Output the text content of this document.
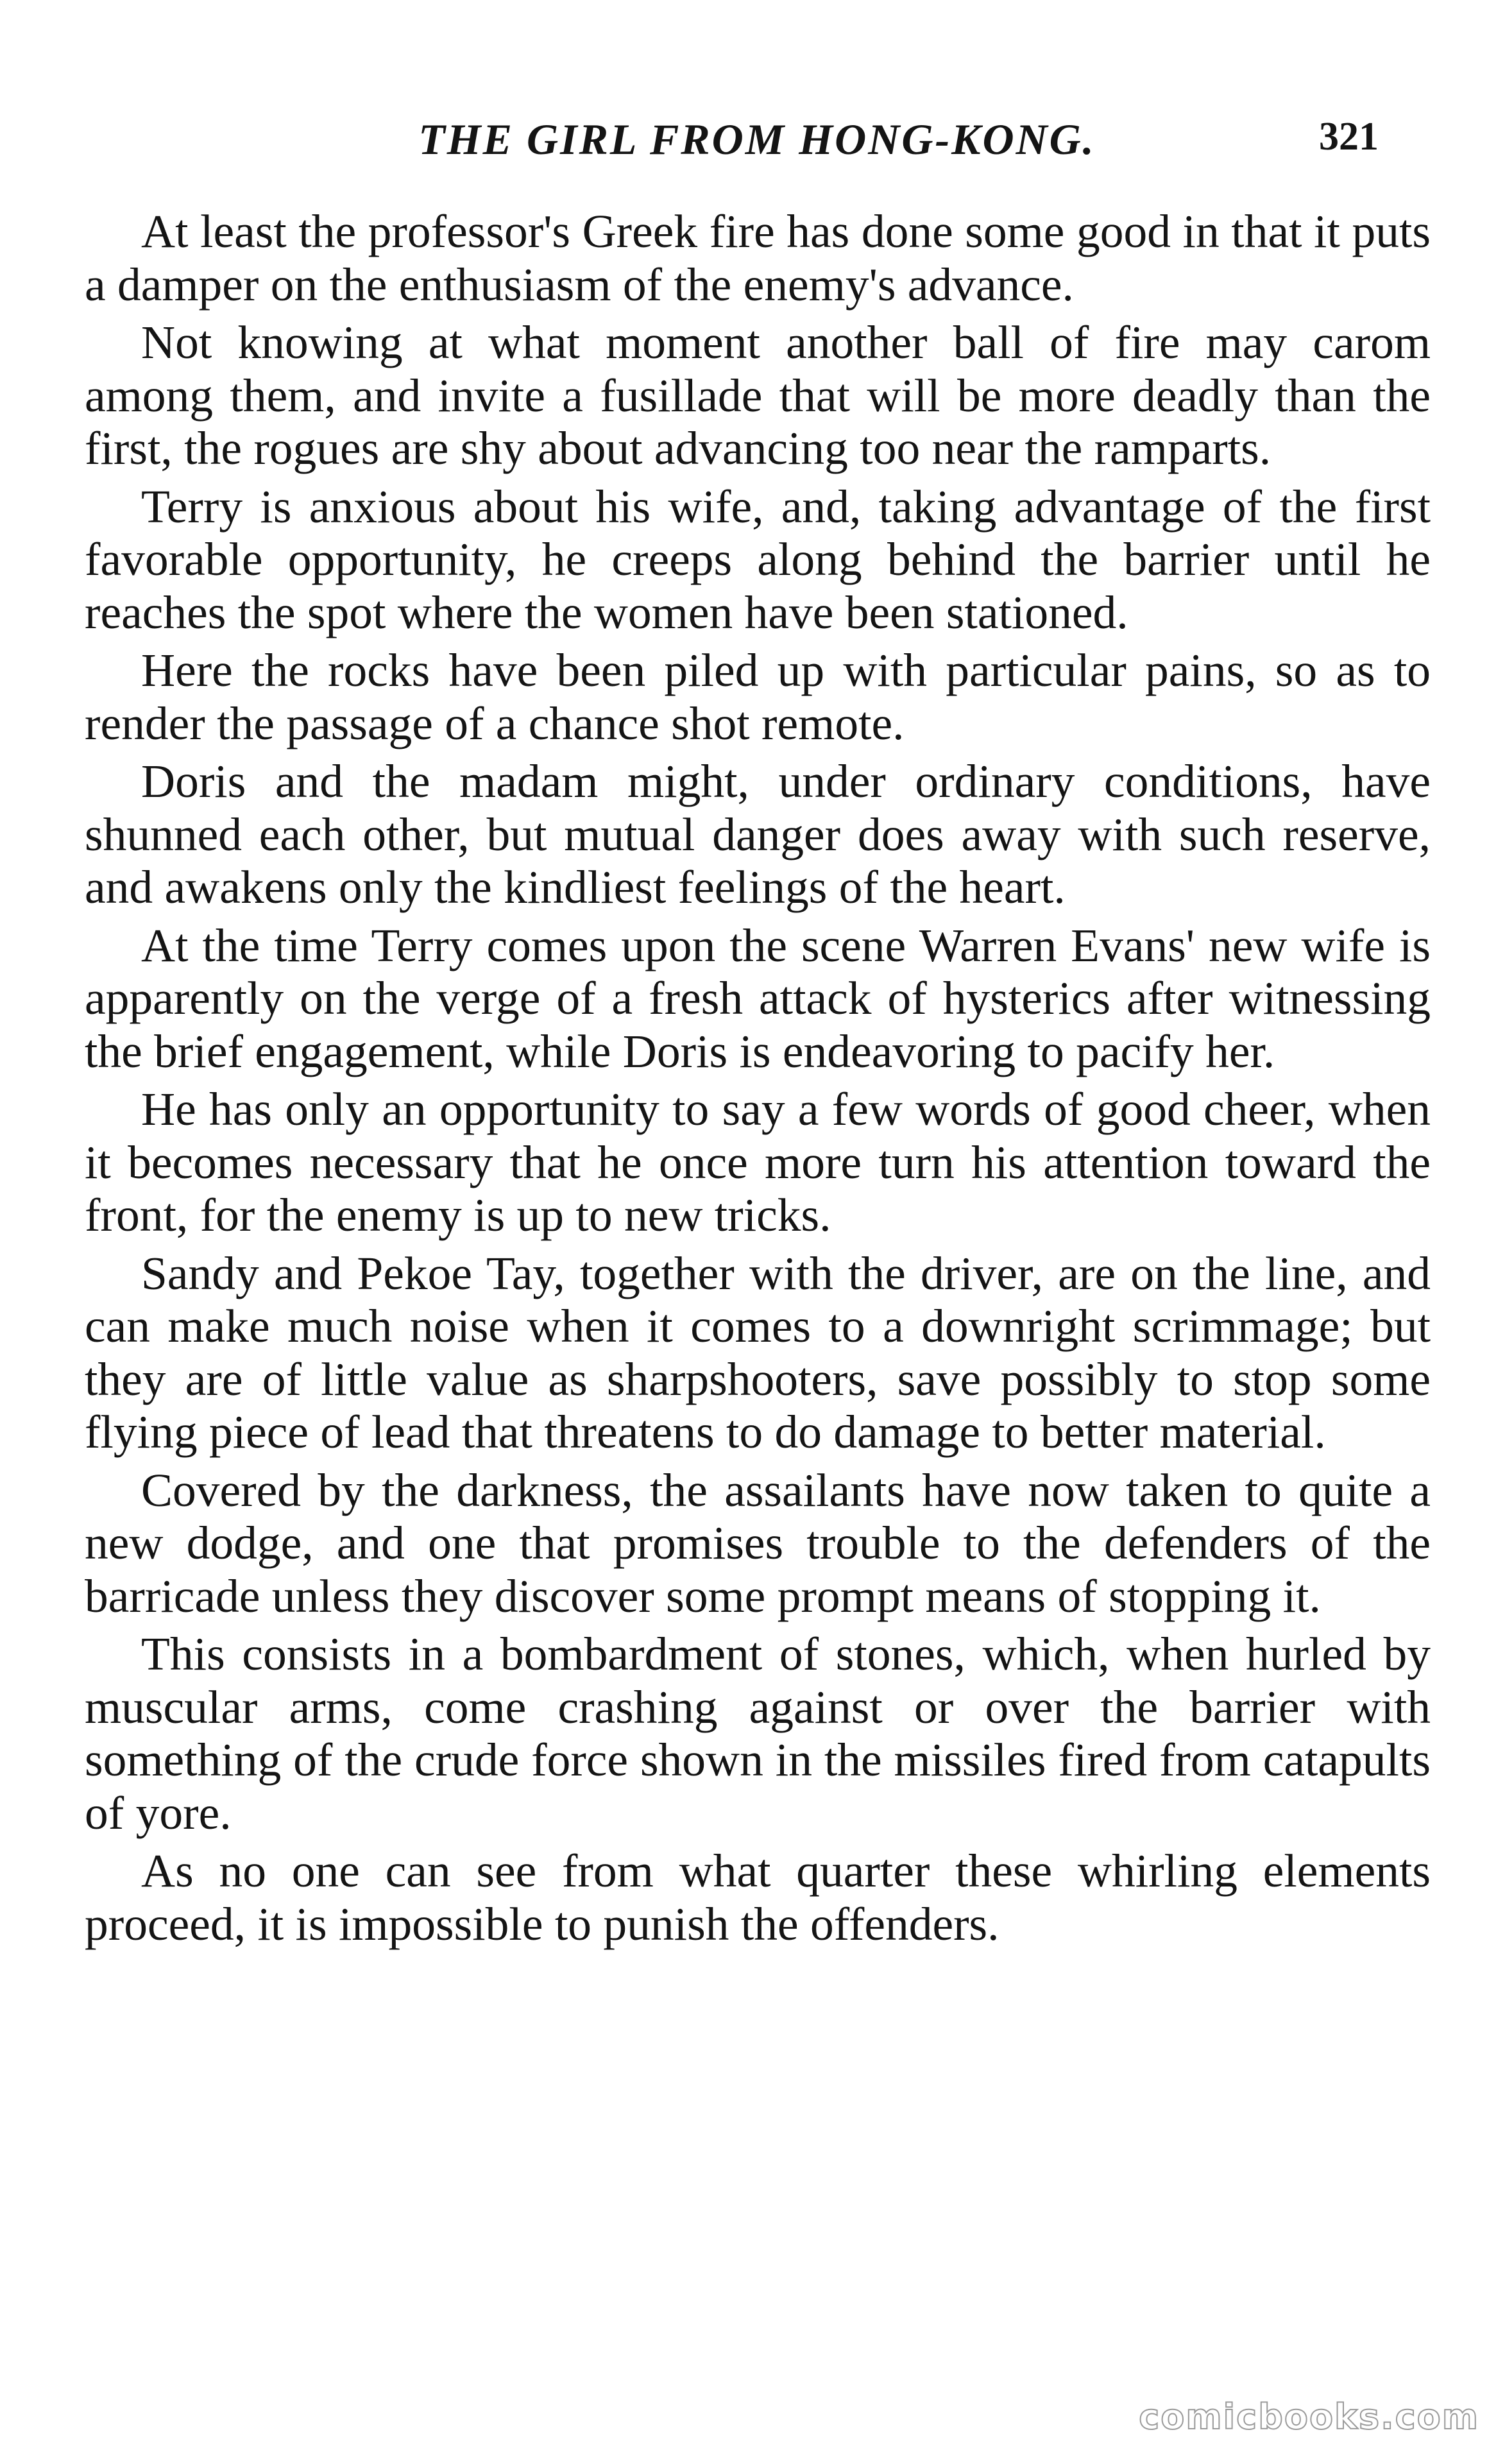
THE GIRL FROM HONG-KONG.	321

At least the professor's Greek fire has done some good in that it puts a damper on the enthusiasm of the enemy's advance.

Not knowing at what moment another ball of fire may carom among them, and invite a fusillade that will be more deadly than the first, the rogues are shy about advancing too near the ramparts.

Terry is anxious about his wife, and, taking advantage of the first favorable opportunity, he creeps along behind the barrier until he reaches the spot where the women have been stationed.

Here the rocks have been piled up with particular pains, so as to render the passage of a chance shot remote.

Doris and the madam might, under ordinary conditions, have shunned each other, but mutual danger does away with such reserve, and awakens only the kindliest feelings of the heart.

At the time Terry comes upon the scene Warren Evans' new wife is apparently on the verge of a fresh attack of hysterics after witnessing the brief engagement, while Doris is endeavoring to pacify her.

He has only an opportunity to say a few words of good cheer, when it becomes necessary that he once more turn his attention toward the front, for the enemy is up to new tricks.

Sandy and Pekoe Tay, together with the driver, are on the line, and can make much noise when it comes to a downright scrimmage; but they are of little value as sharpshooters, save possibly to stop some flying piece of lead that threatens to do damage to better material.

Covered by the darkness, the assailants have now taken to quite a new dodge, and one that promises trouble to the defenders of the barricade unless they discover some prompt means of stopping it.

This consists in a bombardment of stones, which, when hurled by muscular arms, come crashing against or over the barrier with something of the crude force shown in the missiles fired from catapults of yore.

As no one can see from what quarter these whirling elements proceed, it is impossible to punish the offenders.

comicbooks.com
